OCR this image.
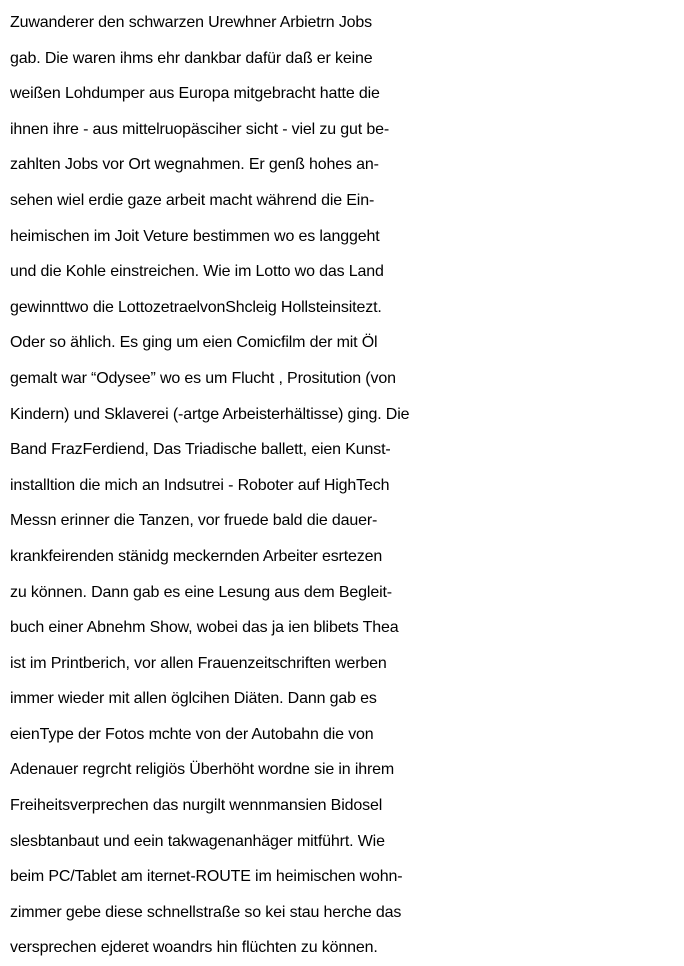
Zuwanderer den schwarzen Urewhner Arbietrn Jobs
gab. Die waren ihms ehr dankbar dafür daß er keine
weißen Lohdumper aus Europa mitgebracht hatte die
ihnen ihre - aus mittelruopäsciher sicht - viel zu gut be-
zahlten Jobs vor Ort wegnahmen. Er genß hohes an-
sehen wiel erdie gaze arbeit macht während die Ein-
heimischen im Joit Veture bestimmen wo es langgeht
und die Kohle einstreichen. Wie im Lotto wo das Land
gewinnttwo die LottozetraelvonShcleig Hollsteinsitezt.
Oder so ählich. Es ging um eien Comicfilm der mit Öl
gemalt war “Odysee” wo es um Flucht , Prositution (von
Kindern) und Sklaverei (-artge Arbeisterhältisse) ging. Die
Band FrazFerdiend, Das Triadische ballett, eien Kunst-
installtion die mich an Indsutrei - Roboter auf HighTech
Messn erinner die Tanzen, vor fruede bald die dauer-
krankfeirenden stänidg meckernden Arbeiter esrtezen
zu können. Dann gab es eine Lesung aus dem Begleit-
buch einer Abnehm Show, wobei das ja ien blibets Thea
ist im Printberich, vor allen Frauenzeitschriften werben
immer wieder mit allen öglcihen Diäten. Dann gab es
eienType der Fotos mchte von der Autobahn die von
Adenauer regrcht religiös Überhöht wordne sie in ihrem
Freiheitsverprechen das nurgilt wennmansien Bidosel
slesbtanbaut und eein takwagenanhäger mitführt. Wie
beim PC/Tablet am iternet-ROUTE im heimischen wohn-
zimmer gebe diese schnellstraße so kei stau herche das
versprechen ejderet woandrs hin flüchten zu können.
